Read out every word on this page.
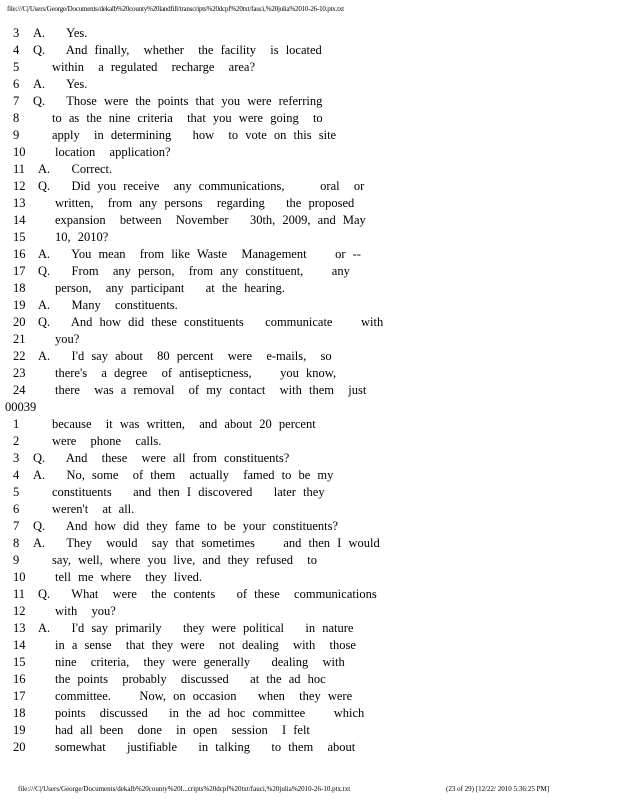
file:///C|/Users/George/Documents/dekalb%20county%20landfill/transcripts%20dcpf%20txt/fauci,%20julia%2010-26-10.ptx.txt
3 A.   Yes.
4 Q.   And finally,  whether  the facility  is located
5	within  a regulated  recharge  area?
6 A.   Yes.
7 Q.   Those were the points that you were referring
8	to as the nine criteria  that you were going  to
9	apply  in determining   how  to vote on this site
10 location  application?
11 A.   Correct.
12 Q.   Did you receive  any communications,     oral  or
13 written,  from any persons  regarding   the proposed
14 expansion  between  November   30th, 2009, and May
15 10, 2010?
16 A.   You mean  from like Waste  Management    or --
17 Q.   From  any person,  from any constituent,    any
18 person,  any participant   at the hearing.
19 A.   Many  constituents.
20 Q.   And how did these constituents   communicate    with
21 you?
22 A.   I'd say about  80 percent  were  e-mails,  so
23 there's  a degree  of antisepticness,    you know,
24 there  was a removal  of my contact  with them  just
00039
1	because  it was written,  and about 20 percent
2	were  phone  calls.
3 Q.   And  these  were all from constituents?
4 A.   No, some  of them  actually  famed to be my
5	constituents   and then I discovered   later they
6	weren't  at all.
7 Q.   And how did they fame to be your constituents?
8 A.   They  would  say that sometimes    and then I would
9	say, well, where you live, and they refused  to
10 tell me where  they lived.
11 Q.   What  were  the contents   of these  communications
12 with  you?
13 A.   I'd say primarily   they were political   in nature
14 in a sense  that they were  not dealing  with  those
15 nine  criteria,  they were generally   dealing  with
16 the points  probably  discussed   at the ad hoc
17 committee.    Now, on occasion   when  they were
18 points  discussed   in the ad hoc committee    which
19 had all been  done  in open  session  I felt
20 somewhat   justifiable   in talking   to them  about
file:///C|/Users/George/Documents/dekalb%20county%20l...cripts%20dcpf%20txt/fauci,%20julia%2010-26-10.ptx.txt	(23 of 29) [12/22/ 2010 5:36:25 PM]
